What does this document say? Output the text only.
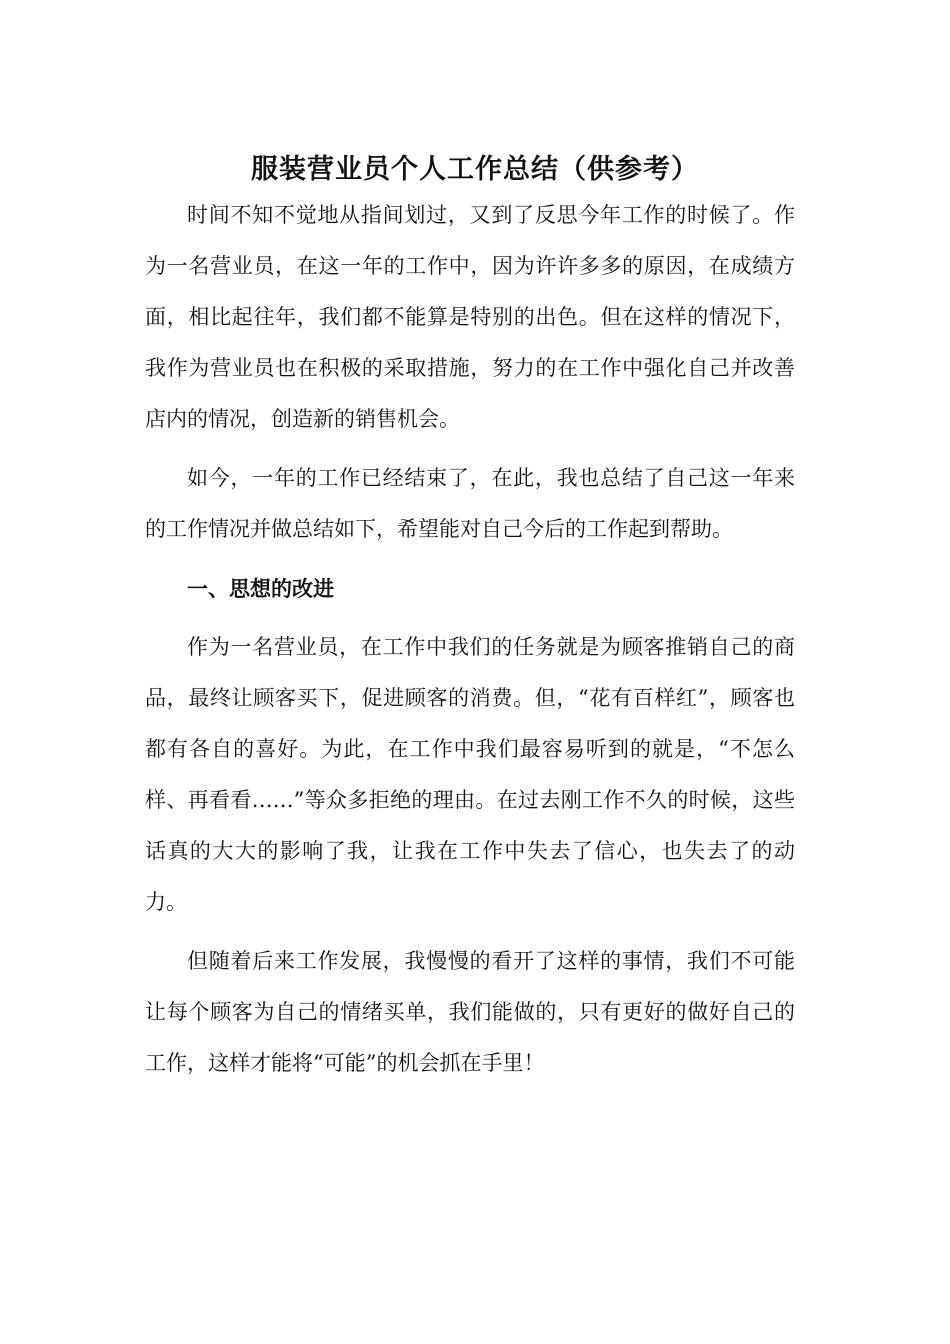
服装营业员个人工作总结（供参考）

时间不知不觉地从指间划过，又到了反思今年工作的时候了。作为一名营业员，在这一年的工作中，因为许许多多的原因，在成绩方面，相比起往年，我们都不能算是特别的出色。但在这样的情况下，我作为营业员也在积极的采取措施，努力的在工作中强化自己并改善店内的情况，创造新的销售机会。

如今，一年的工作已经结束了，在此，我也总结了自己这一年来的工作情况并做总结如下，希望能对自己今后的工作起到帮助。

一、思想的改进

作为一名营业员，在工作中我们的任务就是为顾客推销自己的商品，最终让顾客买下，促进顾客的消费。但，“花有百样红”，顾客也都有各自的喜好。为此，在工作中我们最容易听到的就是，“不怎么样、再看看……”等众多拒绝的理由。在过去刚工作不久的时候，这些话真的大大的影响了我，让我在工作中失去了信心，也失去了的动力。

但随着后来工作发展，我慢慢的看开了这样的事情，我们不可能让每个顾客为自己的情绪买单，我们能做的，只有更好的做好自己的工作，这样才能将“可能”的机会抓在手里！
